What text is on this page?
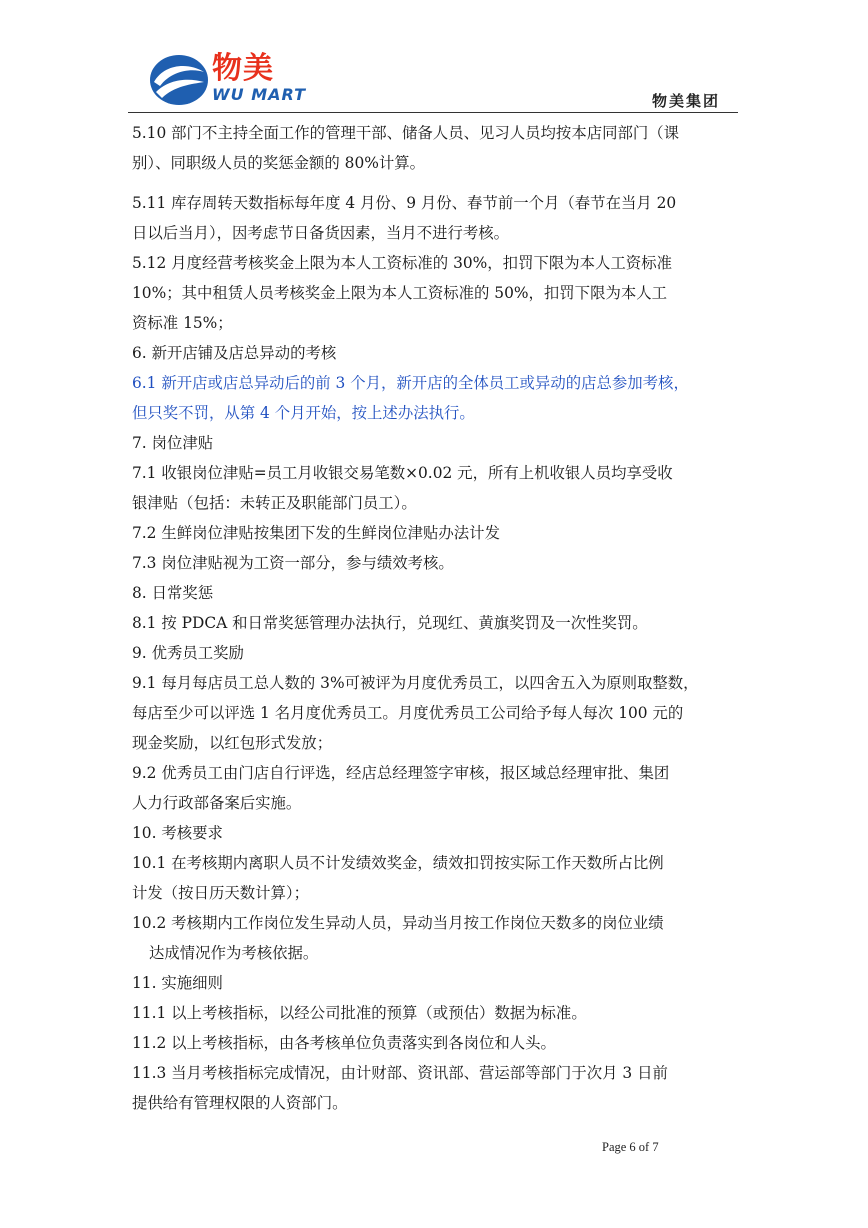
物美
WU MART	物美集团

5.10 部门不主持全面工作的管理干部、储备人员、见习人员均按本店同部门（课

别）、同职级人员的奖惩金额的 80%计算。

5.11 库存周转天数指标每年度 4 月份、9 月份、春节前一个月（春节在当月 20

日以后当月），因考虑节日备货因素，当月不进行考核。

5.12 月度经营考核奖金上限为本人工资标准的 30%，扣罚下限为本人工资标准

10%；其中租赁人员考核奖金上限为本人工资标准的 50%，扣罚下限为本人工

资标准 15%；

6. 新开店铺及店总异动的考核

6.1 新开店或店总异动后的前 3 个月，新开店的全体员工或异动的店总参加考核，

但只奖不罚，从第 4 个月开始，按上述办法执行。

7. 岗位津贴

7.1 收银岗位津贴=员工月收银交易笔数×0.02 元，所有上机收银人员均享受收

银津贴（包括：未转正及职能部门员工）。

7.2 生鲜岗位津贴按集团下发的生鲜岗位津贴办法计发

7.3 岗位津贴视为工资一部分，参与绩效考核。

8. 日常奖惩

8.1 按 PDCA 和日常奖惩管理办法执行，兑现红、黄旗奖罚及一次性奖罚。

9. 优秀员工奖励

9.1 每月每店员工总人数的 3%可被评为月度优秀员工，以四舍五入为原则取整数，

每店至少可以评选 1 名月度优秀员工。月度优秀员工公司给予每人每次 100 元的

现金奖励，以红包形式发放；

9.2 优秀员工由门店自行评选，经店总经理签字审核，报区域总经理审批、集团

人力行政部备案后实施。

10. 考核要求

10.1 在考核期内离职人员不计发绩效奖金，绩效扣罚按实际工作天数所占比例

计发（按日历天数计算）；

10.2 考核期内工作岗位发生异动人员，异动当月按工作岗位天数多的岗位业绩

达成情况作为考核依据。

11. 实施细则

11.1 以上考核指标，以经公司批准的预算（或预估）数据为标准。

11.2 以上考核指标，由各考核单位负责落实到各岗位和人头。

11.3 当月考核指标完成情况，由计财部、资讯部、营运部等部门于次月 3 日前

提供给有管理权限的人资部门。

Page 6 of 7
